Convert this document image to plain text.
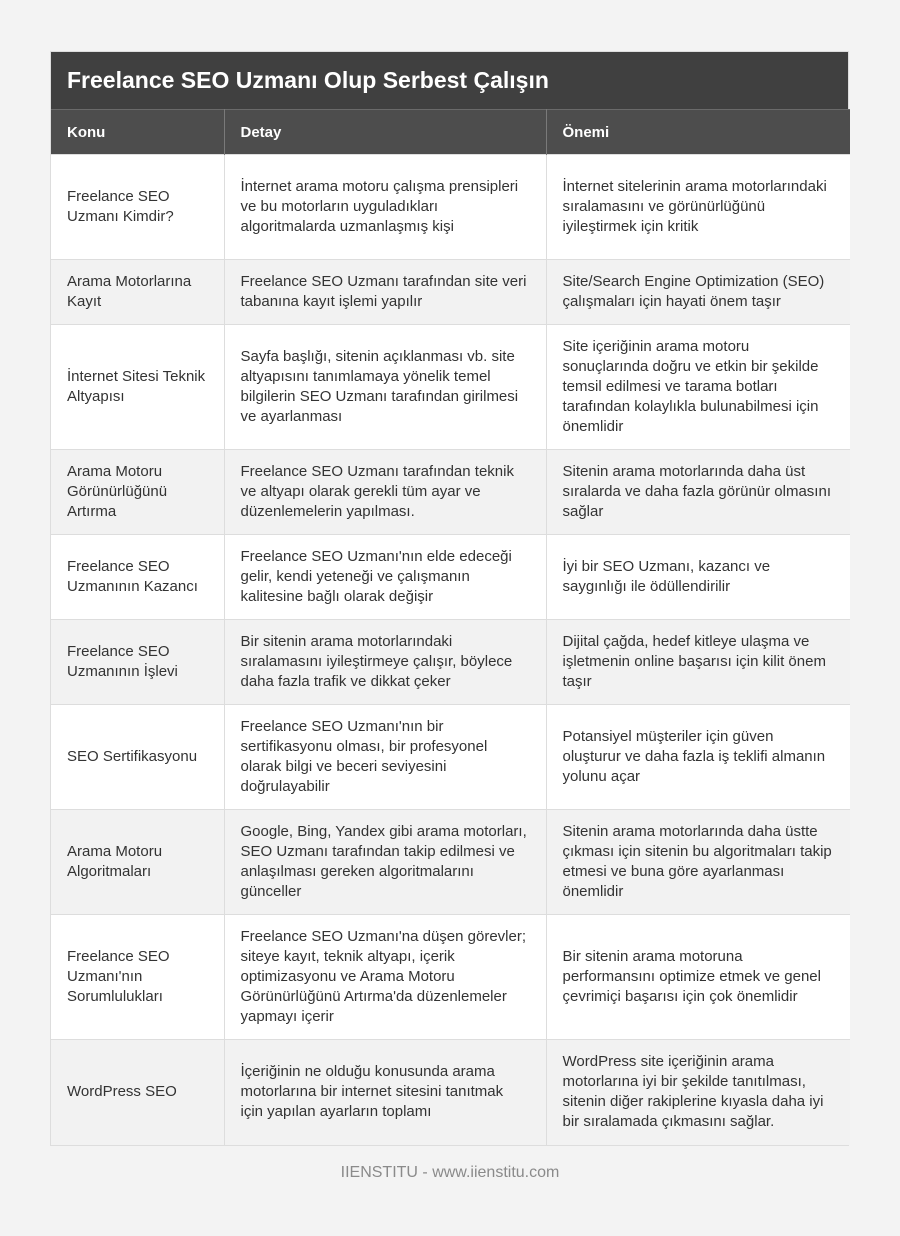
Freelance SEO Uzmanı Olup Serbest Çalışın
Konu	Detay	Önemi
Freelance SEO Uzmanı Kimdir?	İnternet arama motoru çalışma prensipleri ve bu motorların uyguladıkları algoritmalarda uzmanlaşmış kişi	İnternet sitelerinin arama motorlarındaki sıralamasını ve görünürlüğünü iyileştirmek için kritik
Arama Motorlarına Kayıt	Freelance SEO Uzmanı tarafından site veri tabanına kayıt işlemi yapılır	Site/Search Engine Optimization (SEO) çalışmaları için hayati önem taşır
İnternet Sitesi Teknik Altyapısı	Sayfa başlığı, sitenin açıklanması vb. site altyapısını tanımlamaya yönelik temel bilgilerin SEO Uzmanı tarafından girilmesi ve ayarlanması	Site içeriğinin arama motoru sonuçlarında doğru ve etkin bir şekilde temsil edilmesi ve tarama botları tarafından kolaylıkla bulunabilmesi için önemlidir
Arama Motoru Görünürlüğünü Artırma	Freelance SEO Uzmanı tarafından teknik ve altyapı olarak gerekli tüm ayar ve düzenlemelerin yapılması.	Sitenin arama motorlarında daha üst sıralarda ve daha fazla görünür olmasını sağlar
Freelance SEO Uzmanının Kazancı	Freelance SEO Uzmanı'nın elde edeceği gelir, kendi yeteneği ve çalışmanın kalitesine bağlı olarak değişir	İyi bir SEO Uzmanı, kazancı ve saygınlığı ile ödüllendirilir
Freelance SEO Uzmanının İşlevi	Bir sitenin arama motorlarındaki sıralamasını iyileştirmeye çalışır, böylece daha fazla trafik ve dikkat çeker	Dijital çağda, hedef kitleye ulaşma ve işletmenin online başarısı için kilit önem taşır
SEO Sertifikasyonu	Freelance SEO Uzmanı'nın bir sertifikasyonu olması, bir profesyonel olarak bilgi ve beceri seviyesini doğrulayabilir	Potansiyel müşteriler için güven oluşturur ve daha fazla iş teklifi almanın yolunu açar
Arama Motoru Algoritmaları	Google, Bing, Yandex gibi arama motorları, SEO Uzmanı tarafından takip edilmesi ve anlaşılması gereken algoritmalarını günceller	Sitenin arama motorlarında daha üstte çıkması için sitenin bu algoritmaları takip etmesi ve buna göre ayarlanması önemlidir
Freelance SEO Uzmanı'nın Sorumlulukları	Freelance SEO Uzmanı'na düşen görevler; siteye kayıt, teknik altyapı, içerik optimizasyonu ve Arama Motoru Görünürlüğünü Artırma'da düzenlemeler yapmayı içerir	Bir sitenin arama motoruna performansını optimize etmek ve genel çevrimiçi başarısı için çok önemlidir
WordPress SEO	İçeriğinin ne olduğu konusunda arama motorlarına bir internet sitesini tanıtmak için yapılan ayarların toplamı	WordPress site içeriğinin arama motorlarına iyi bir şekilde tanıtılması, sitenin diğer rakiplerine kıyasla daha iyi bir sıralamada çıkmasını sağlar.
IIENSTITU - www.iienstitu.com
